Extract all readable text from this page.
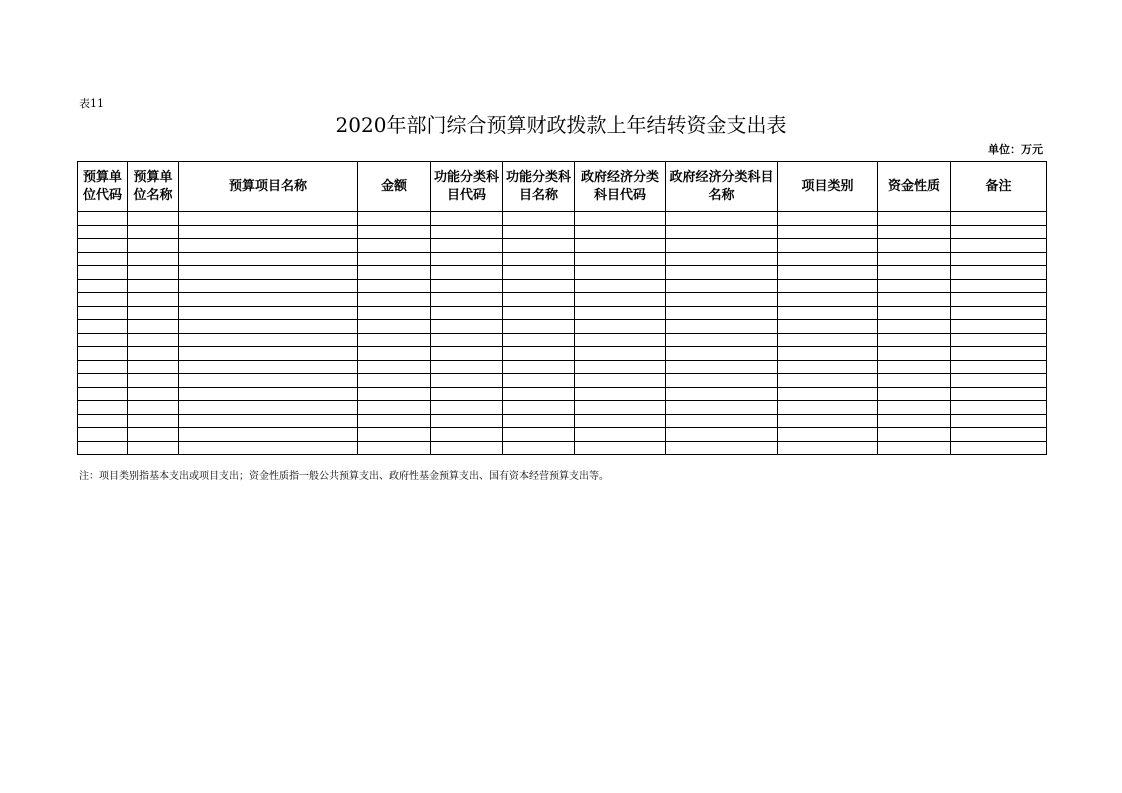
表11
2020年部门综合预算财政拨款上年结转资金支出表
单位：万元
预算单位代码	预算单位名称	预算项目名称	金额	功能分类科目代码	功能分类科目名称	政府经济分类科目代码	政府经济分类科目名称	项目类别	资金性质	备注

注：项目类别指基本支出或项目支出；资金性质指一般公共预算支出、政府性基金预算支出、国有资本经营预算支出等。
